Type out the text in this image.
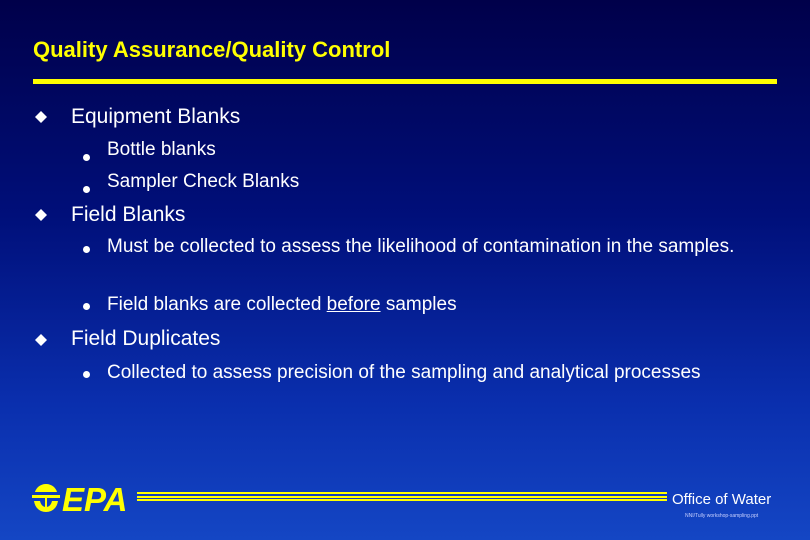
Quality Assurance/Quality Control
Equipment Blanks
Bottle blanks
Sampler Check Blanks
Field Blanks
Must be collected to assess the likelihood of contamination in the samples.
Field blanks are collected before samples
Field Duplicates
Collected to assess precision of the sampling and analytical processes
EPA	Office of Water
NNI/Tully workshop-sampling.ppt
